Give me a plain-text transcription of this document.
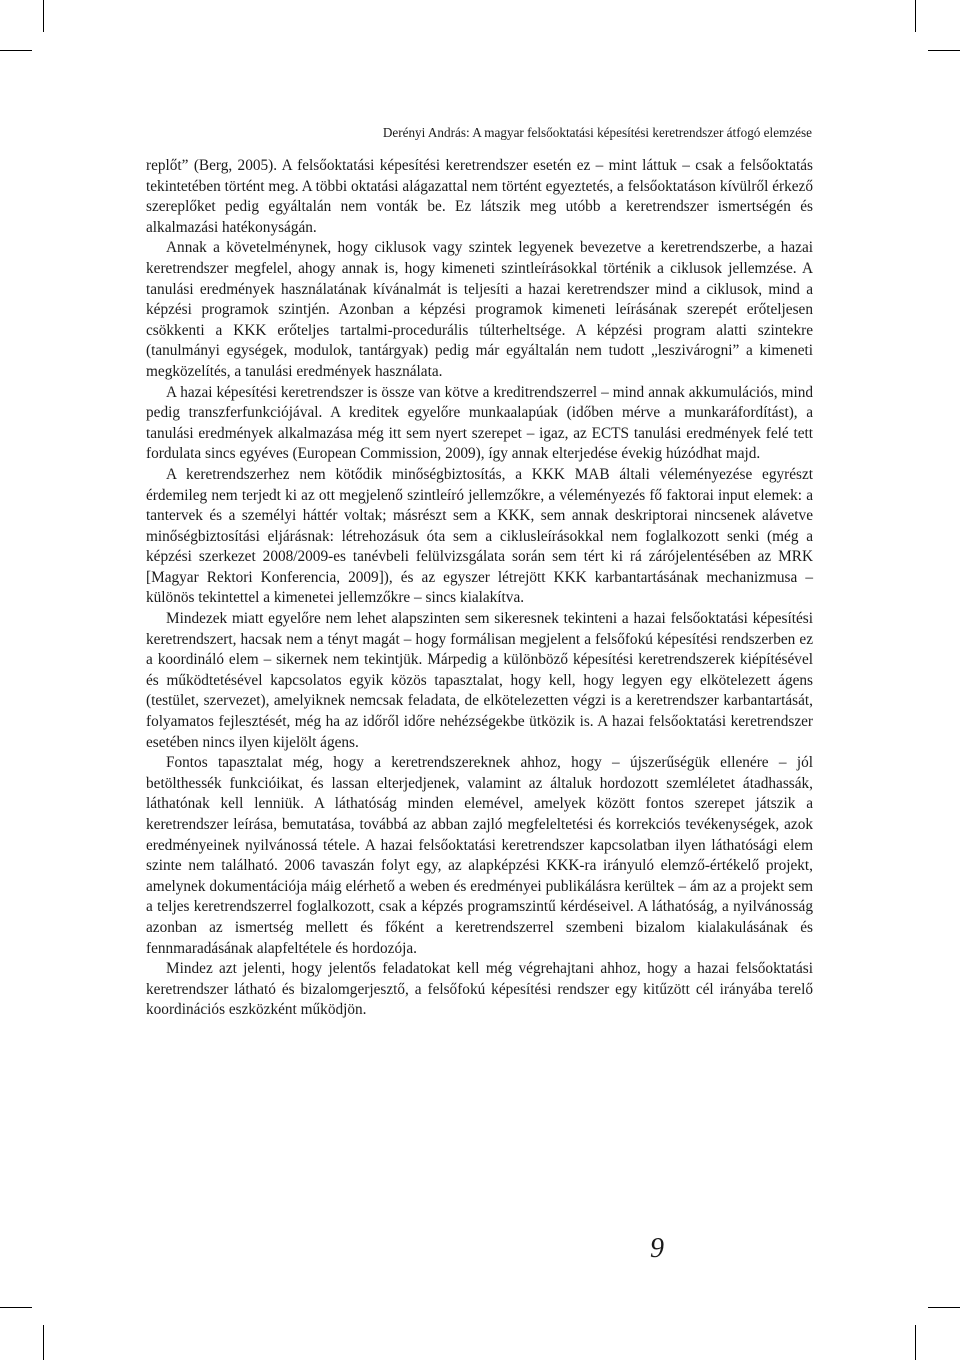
Derényi András: A magyar felsőoktatási képesítési keretrendszer átfogó elemzése

replőt” (Berg, 2005). A felsőoktatási képesítési keretrendszer esetén ez – mint láttuk – csak a felsőoktatás tekintetében történt meg. A többi oktatási alágazattal nem történt egyeztetés, a felsőoktatáson kívülről érkező szereplőket pedig egyáltalán nem vonták be. Ez látszik meg utóbb a keretrendszer ismertségén és alkalmazási hatékonyságán.

Annak a követelménynek, hogy ciklusok vagy szintek legyenek bevezetve a keretrendszerbe, a hazai keretrendszer megfelel, ahogy annak is, hogy kimeneti szintleírásokkal történik a ciklusok jellemzése. A tanulási eredmények használatának kívánalmát is teljesíti a hazai keretrendszer mind a ciklusok, mind a képzési programok szintjén. Azonban a képzési programok kimeneti leírásának szerepét erőteljesen csökkenti a KKK erőteljes tartalmi-procedurális túlterheltsége. A képzési program alatti szintekre (tanulmányi egységek, modulok, tantárgyak) pedig már egyáltalán nem tudott „leszivárogni” a kimeneti megközelítés, a tanulási eredmények használata.

A hazai képesítési keretrendszer is össze van kötve a kreditrendszerrel – mind annak akkumulációs, mind pedig transzferfunkciójával. A kreditek egyelőre munkaalapúak (időben mérve a munkaráfordítást), a tanulási eredmények alkalmazása még itt sem nyert szerepet – igaz, az ECTS tanulási eredmények felé tett fordulata sincs egyéves (European Commission, 2009), így annak elterjedése évekig húzódhat majd.

A keretrendszerhez nem kötődik minőségbiztosítás, a KKK MAB általi véleményezése egyrészt érdemileg nem terjedt ki az ott megjelenő szintleíró jellemzőkre, a véleményezés fő faktorai input elemek: a tantervek és a személyi háttér voltak; másrészt sem a KKK, sem annak deskriptorai nincsenek alávetve minőségbiztosítási eljárásnak: létrehozásuk óta sem a ciklusleírásokkal nem foglalkozott senki (még a képzési szerkezet 2008/2009-es tanévbeli felülvizsgálata során sem tért ki rá zárójelentésében az MRK [Magyar Rektori Konferencia, 2009]), és az egyszer létrejött KKK karbantartásának mechanizmusa – különös tekintettel a kimenetei jellemzőkre – sincs kialakítva.

Mindezek miatt egyelőre nem lehet alapszinten sem sikeresnek tekinteni a hazai felsőoktatási képesítési keretrendszert, hacsak nem a tényt magát – hogy formálisan megjelent a felsőfokú képesítési rendszerben ez a koordináló elem – sikernek nem tekintjük. Márpedig a különböző képesítési keretrendszerek kiépítésével és működtetésével kapcsolatos egyik közös tapasztalat, hogy kell, hogy legyen egy elkötelezett ágens (testület, szervezet), amelyiknek nemcsak feladata, de elkötelezetten végzi is a keretrendszer karbantartását, folyamatos fejlesztését, még ha az időről időre nehézségekbe ütközik is. A hazai felsőoktatási keretrendszer esetében nincs ilyen kijelölt ágens.

Fontos tapasztalat még, hogy a keretrendszereknek ahhoz, hogy – újszerűségük ellenére – jól betölthessék funkcióikat, és lassan elterjedjenek, valamint az általuk hordozott szemléletet átadhassák, láthatónak kell lenniük. A láthatóság minden elemével, amelyek között fontos szerepet játszik a keretrendszer leírása, bemutatása, továbbá az abban zajló megfeleltetési és korrekciós tevékenységek, azok eredményeinek nyilvánossá tétele. A hazai felsőoktatási keretrendszer kapcsolatban ilyen láthatósági elem szinte nem található. 2006 tavaszán folyt egy, az alapképzési KKK-ra irányuló elemző-értékelő projekt, amelynek dokumentációja máig elérhető a weben és eredményei publikálásra kerültek – ám az a projekt sem a teljes keretrendszerrel foglalkozott, csak a képzés programszintű kérdéseivel. A láthatóság, a nyilvánosság azonban az ismertség mellett és főként a keretrendszerrel szembeni bizalom kialakulásának és fennmaradásának alapfeltétele és hordozója.

Mindez azt jelenti, hogy jelentős feladatokat kell még végrehajtani ahhoz, hogy a hazai felsőoktatási keretrendszer látható és bizalomgerjesztő, a felsőfokú képesítési rendszer egy kitűzött cél irányába terelő koordinációs eszközként működjön.

9
